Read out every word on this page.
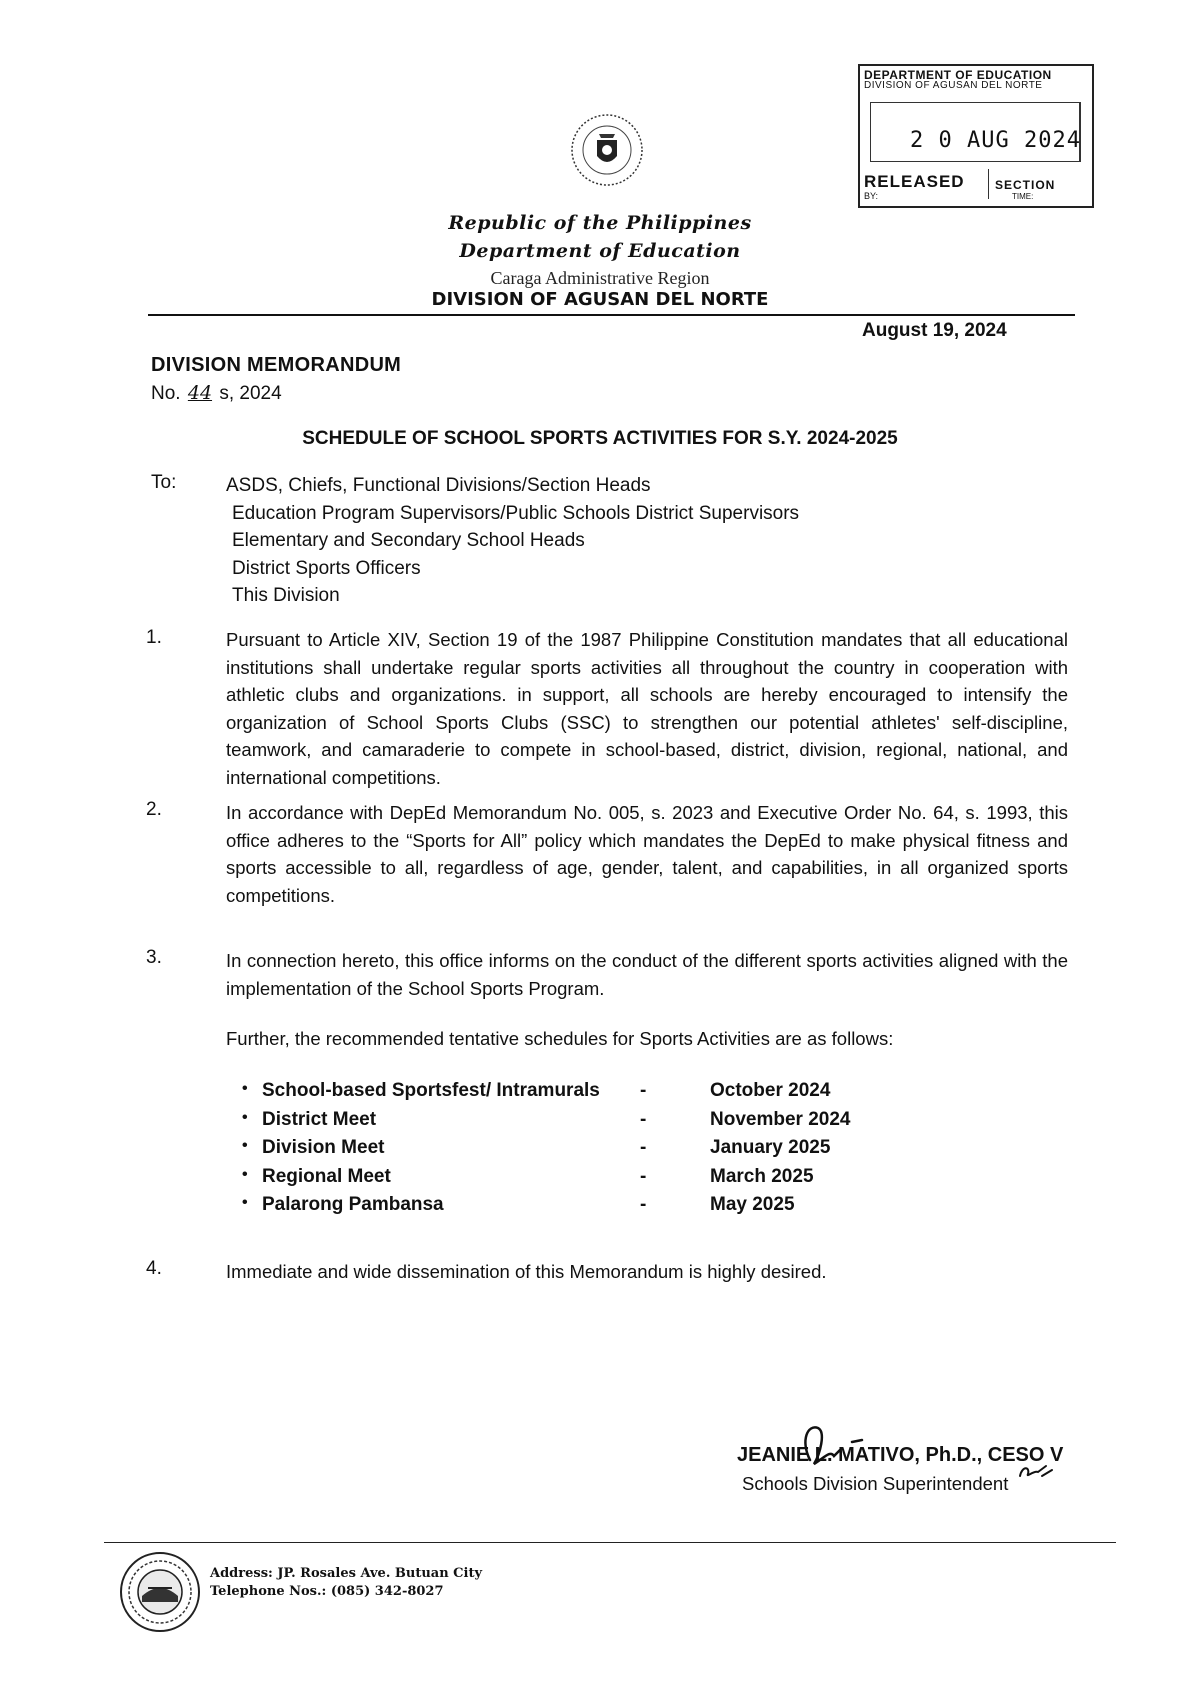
DEPARTMENT OF EDUCATION
DIVISION OF AGUSAN DEL NORTE
2 0 AUG 2024
RELEASED
BY:
SECTION
TIME:
Republic of the Philippines
Department of Education
Caraga Administrative Region
DIVISION OF AGUSAN DEL NORTE
August 19, 2024
DIVISION MEMORANDUM
No. 44 s, 2024
SCHEDULE OF SCHOOL SPORTS ACTIVITIES FOR S.Y. 2024-2025
To:	ASDS, Chiefs, Functional Divisions/Section Heads
Education Program Supervisors/Public Schools District Supervisors
Elementary and Secondary School Heads
District Sports Officers
This Division
1.	Pursuant to Article XIV, Section 19 of the 1987 Philippine Constitution mandates that all educational institutions shall undertake regular sports activities all throughout the country in cooperation with athletic clubs and organizations. in support, all schools are hereby encouraged to intensify the organization of School Sports Clubs (SSC) to strengthen our potential athletes' self-discipline, teamwork, and camaraderie to compete in school-based, district, division, regional, national, and international competitions.
2.	In accordance with DepEd Memorandum No. 005, s. 2023 and Executive Order No. 64, s. 1993, this office adheres to the “Sports for All” policy which mandates the DepEd to make physical fitness and sports accessible to all, regardless of age, gender, talent, and capabilities, in all organized sports competitions.
3.	In connection hereto, this office informs on the conduct of the different sports activities aligned with the implementation of the School Sports Program.
Further, the recommended tentative schedules for Sports Activities are as follows:
• School-based Sportsfest/ Intramurals -	October 2024
• District Meet	-	November 2024
• Division Meet	-	January 2025
• Regional Meet	-	March 2025
• Palarong Pambansa	-	May 2025
4.	Immediate and wide dissemination of this Memorandum is highly desired.
JEANIE L. MATIVO, Ph.D., CESO V
Schools Division Superintendent
Address: JP. Rosales Ave. Butuan City
Telephone Nos.: (085) 342-8027
